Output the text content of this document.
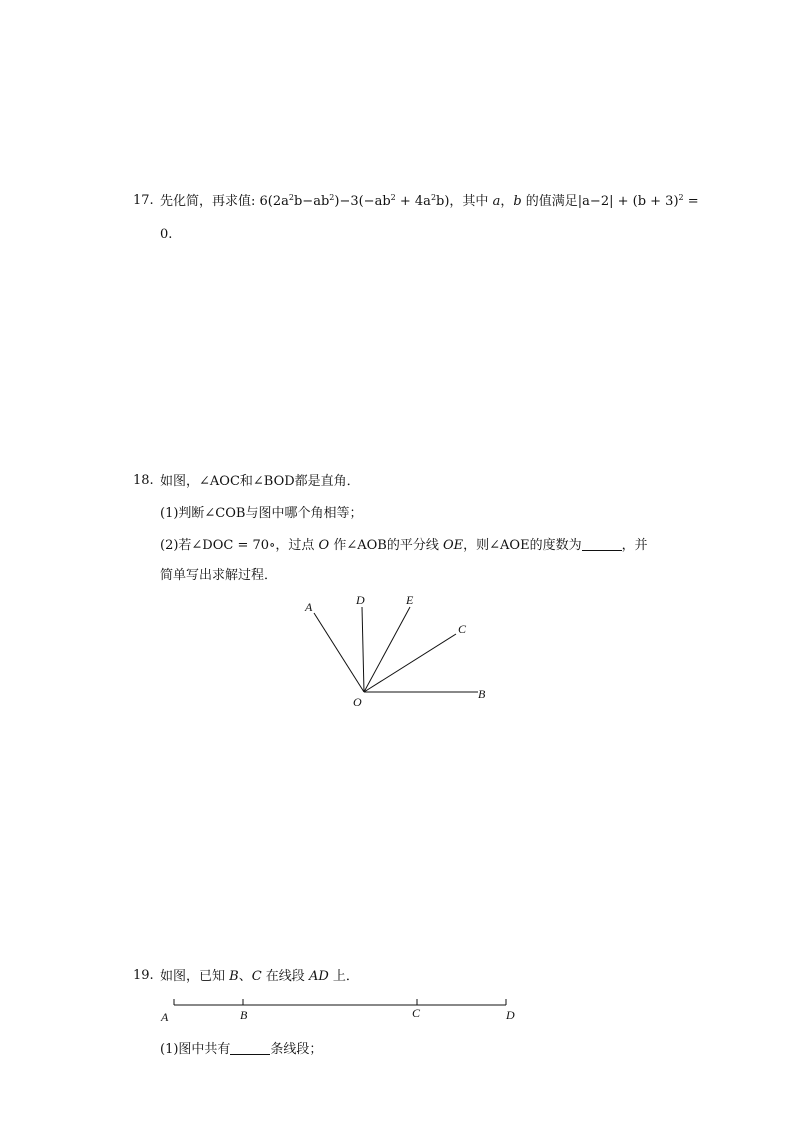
17. 先化简，再求值: $6(2a^2b-ab^2)-3(-ab^2 + 4a^2b)$，其中 a，b 的值满足$|a-2| + (b + 3)^2$ =
0.
18. 如图，∠AOC和∠BOD都是直角．
(1)判断∠COB与图中哪个角相等；
(2)若∠DOC = 70∘，过点 O 作∠AOB的平分线 OE，则∠AOE的度数为	，并
简单写出求解过程．
A	D	E
C
O
B
A	B	C	D
19. 如图，已知 B、C 在线段 AD 上．
(1)图中共有	条线段；
